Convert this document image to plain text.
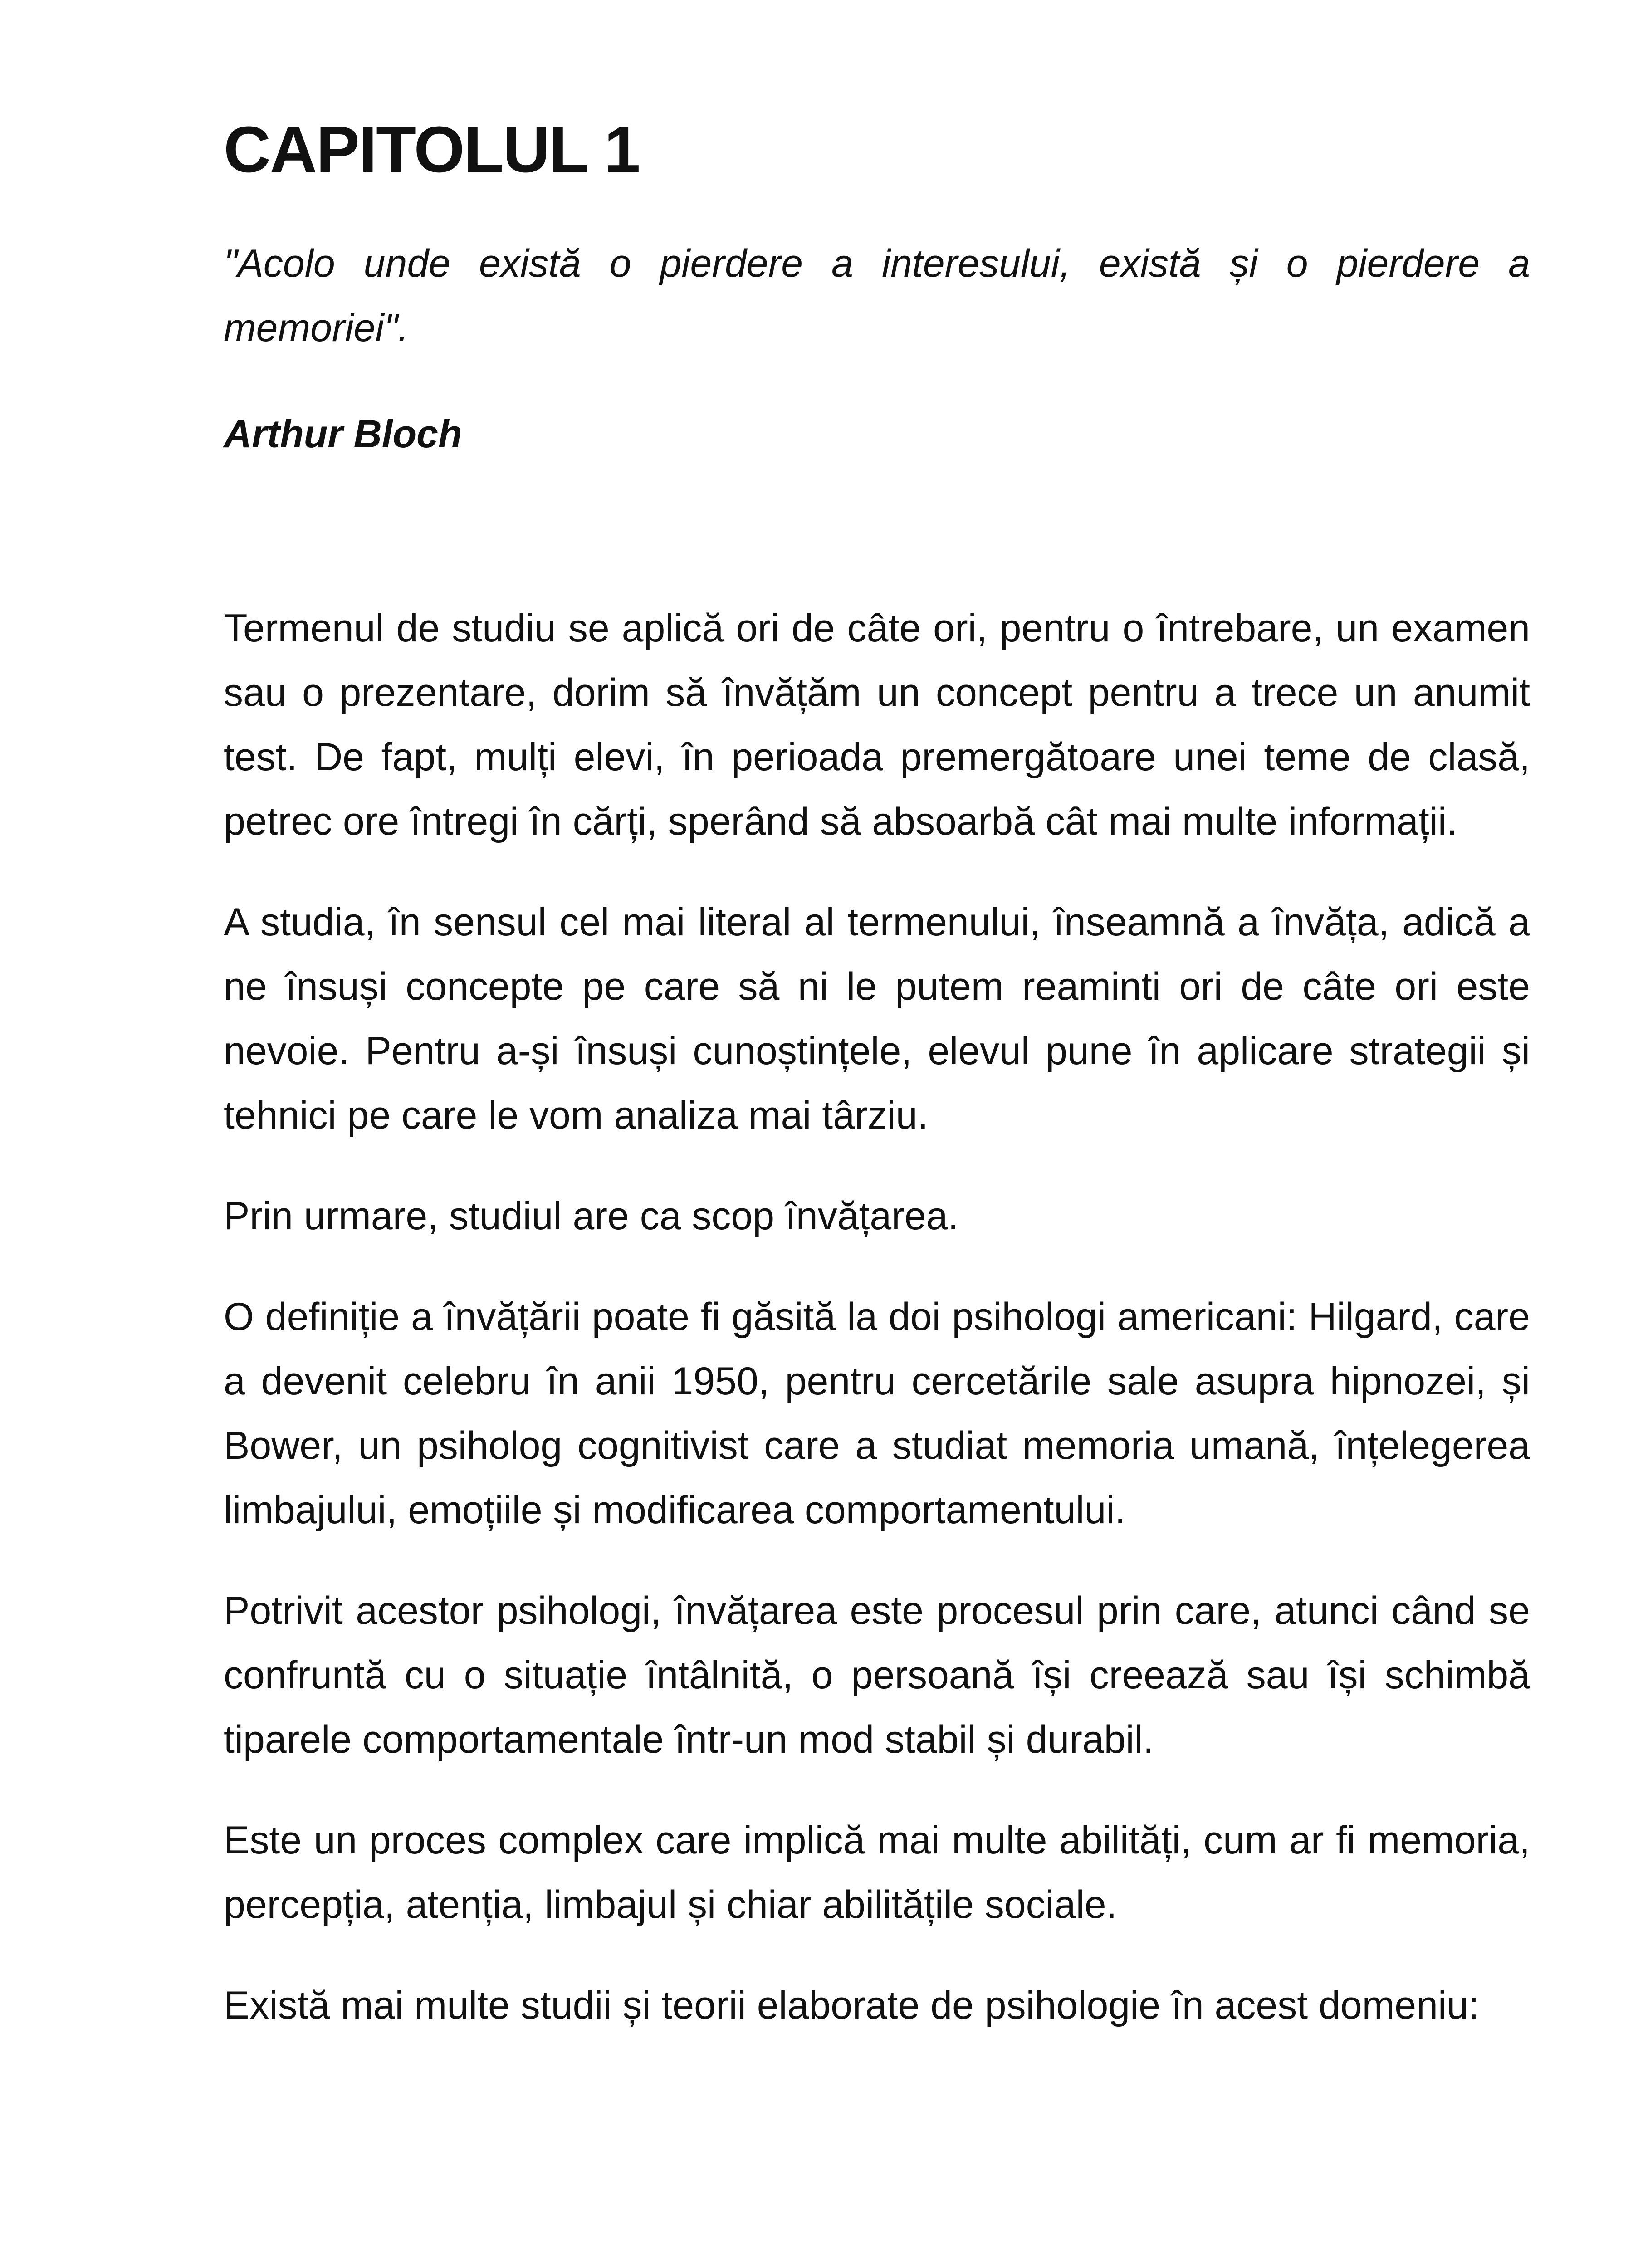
CAPITOLUL 1

"Acolo unde există o pierdere a interesului, există și o pierdere a memoriei".

Arthur Bloch

Termenul de studiu se aplică ori de câte ori, pentru o întrebare, un examen sau o prezentare, dorim să învățăm un concept pentru a trece un anumit test. De fapt, mulți elevi, în perioada premergătoare unei teme de clasă, petrec ore întregi în cărți, sperând să absoarbă cât mai multe informații.

A studia, în sensul cel mai literal al termenului, înseamnă a învăța, adică a ne însuși concepte pe care să ni le putem reaminti ori de câte ori este nevoie. Pentru a-și însuși cunoștințele, elevul pune în aplicare strategii și tehnici pe care le vom analiza mai târziu.

Prin urmare, studiul are ca scop învățarea.

O definiție a învățării poate fi găsită la doi psihologi americani: Hilgard, care a devenit celebru în anii 1950, pentru cercetările sale asupra hipnozei, și Bower, un psiholog cognitivist care a studiat memoria umană, înțelegerea limbajului, emoțiile și modificarea comportamentului.

Potrivit acestor psihologi, învățarea este procesul prin care, atunci când se confruntă cu o situație întâlnită, o persoană își creează sau își schimbă tiparele comportamentale într-un mod stabil și durabil.

Este un proces complex care implică mai multe abilități, cum ar fi memoria, percepția, atenția, limbajul și chiar abilitățile sociale.

Există mai multe studii și teorii elaborate de psihologie în acest domeniu:
